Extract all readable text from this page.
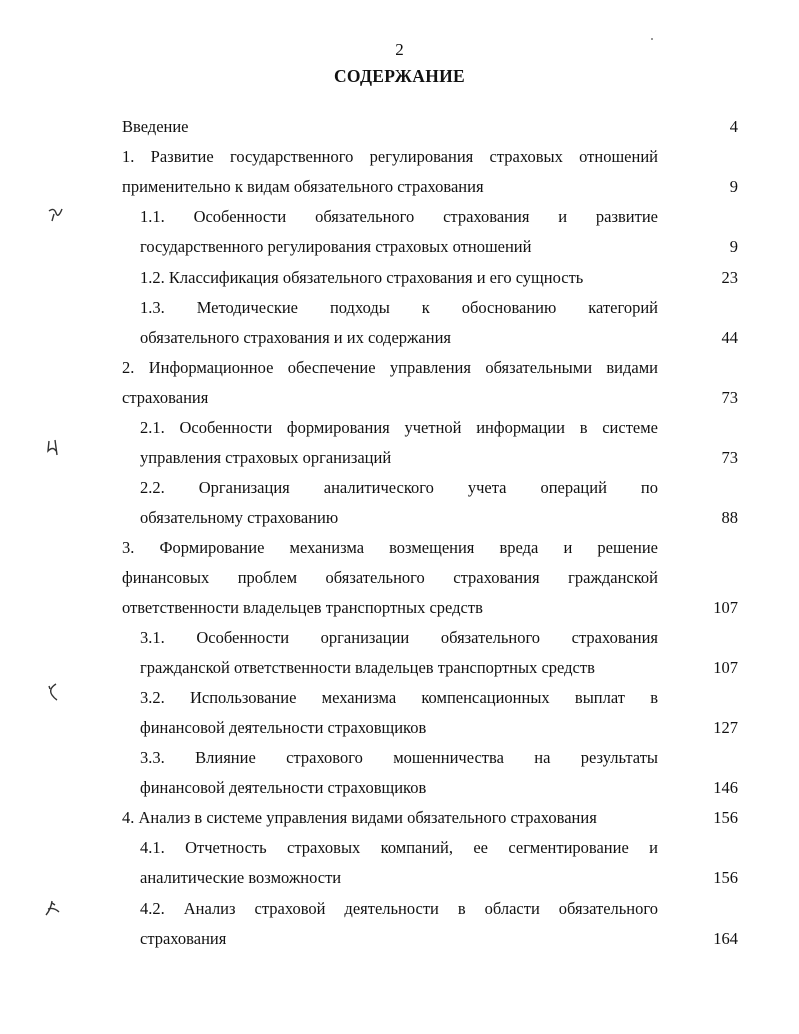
2
СОДЕРЖАНИЕ
Введение	4
1. Развитие государственного регулирования страховых отношений
применительно к видам обязательного страхования	9
1.1. Особенности обязательного страхования и развитие
государственного регулирования страховых отношений	9
1.2. Классификация обязательного страхования и его сущность	23
1.3. Методические подходы к обоснованию категорий
обязательного страхования и их содержания	44
2. Информационное обеспечение управления обязательными видами
страхования	73
2.1. Особенности формирования учетной информации в системе
управления страховых организаций	73
2.2. Организация аналитического учета операций по
обязательному страхованию	88
3. Формирование механизма возмещения вреда и решение
финансовых проблем обязательного страхования гражданской
ответственности владельцев транспортных средств	107
3.1. Особенности организации обязательного страхования
гражданской ответственности владельцев транспортных средств	107
3.2. Использование механизма компенсационных выплат в
финансовой деятельности страховщиков	127
3.3. Влияние страхового мошенничества на результаты
финансовой деятельности страховщиков	146
4. Анализ в системе управления видами обязательного страхования	156
4.1. Отчетность страховых компаний, ее сегментирование и
аналитические возможности	156
4.2. Анализ страховой деятельности в области обязательного
страхования	164
